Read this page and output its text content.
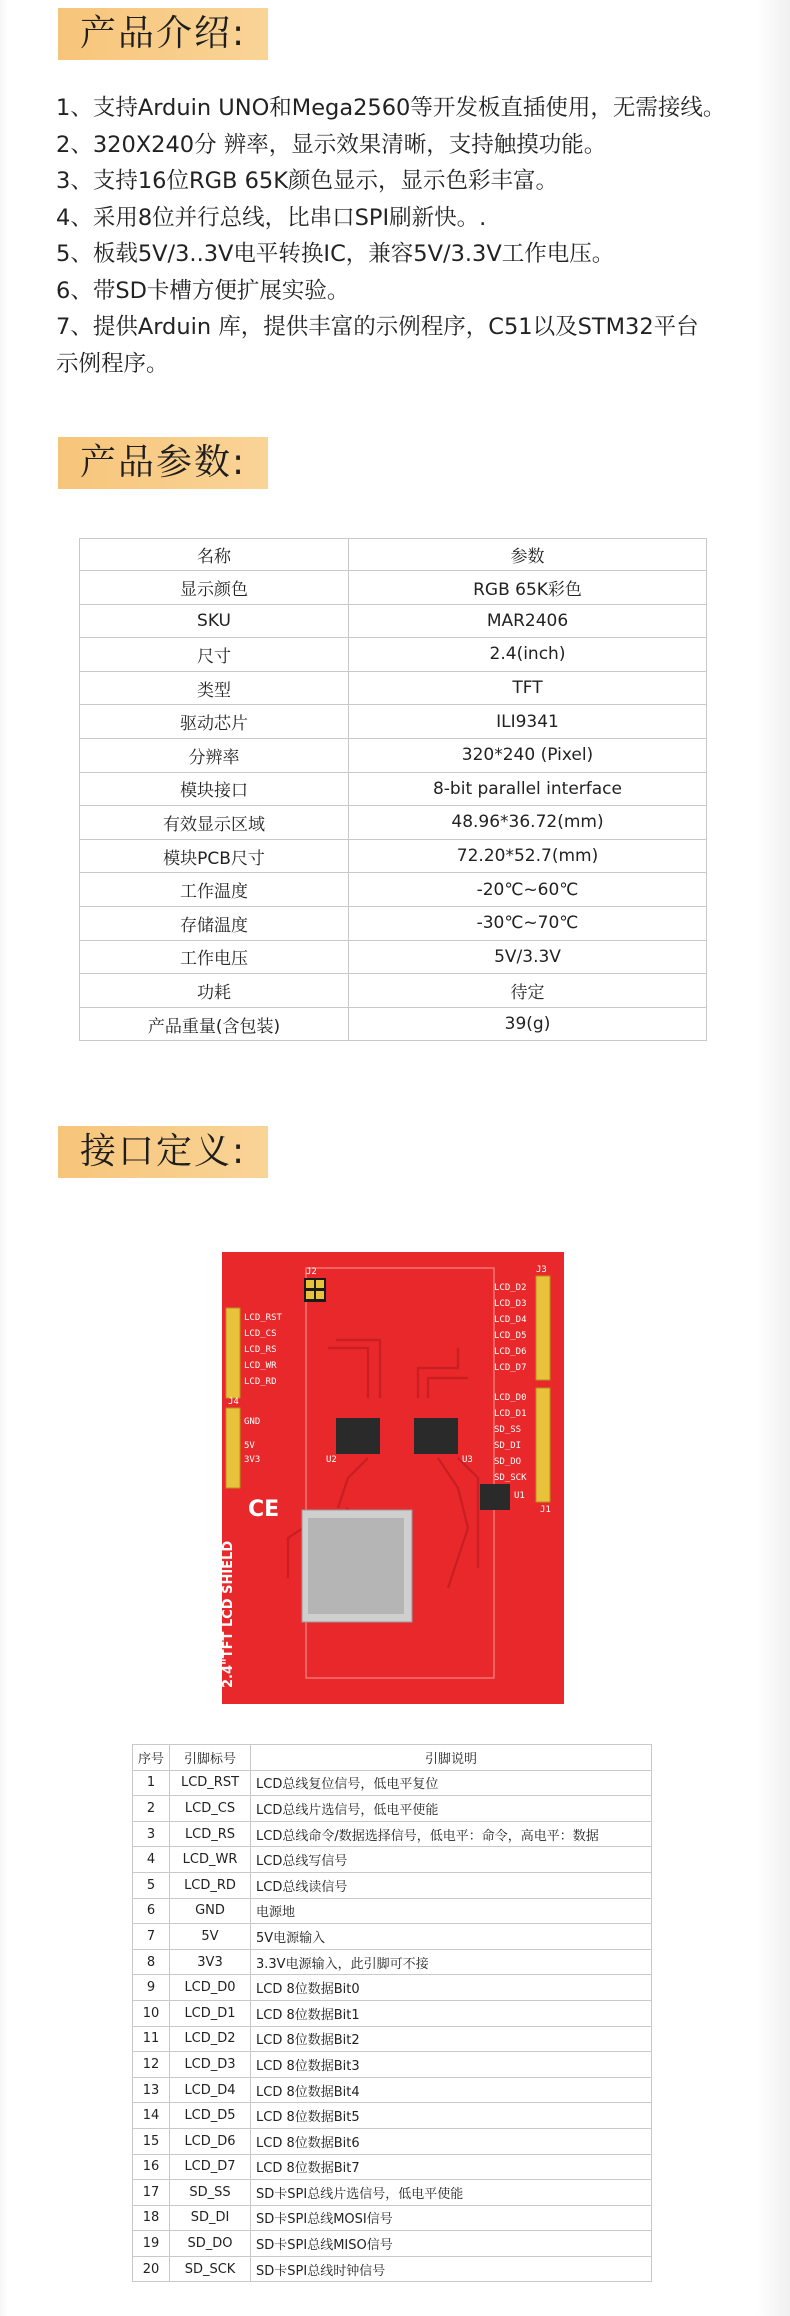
产品介绍:
1、支持Arduin UNO和Mega2560等开发板直插使用，无需接线。
2、320X240分 辨率，显示效果清晰，支持触摸功能。
3、支持16位RGB 65K颜色显示，显示色彩丰富。
4、采用8位并行总线，比串口SPI刷新快。.
5、板载5V/3..3V电平转换IC，兼容5V/3.3V工作电压。
6、带SD卡槽方便扩展实验。
7、提供Arduin 库，提供丰富的示例程序，C51以及STM32平台
示例程序。
产品参数:
名称	参数
显示颜色	RGB 65K彩色
SKU	MAR2406
尺寸	2.4(inch)
类型	TFT
驱动芯片	ILI9341
分辨率	320*240 (Pixel)
模块接口	8-bit parallel interface
有效显示区域	48.96*36.72(mm)
模块PCB尺寸	72.20*52.7(mm)
工作温度	-20℃~60℃
存储温度	-30℃~70℃
工作电压	5V/3.3V
功耗	待定
产品重量(含包装)	39(g)
接口定义:
LCD_RST
LCD_CS
LCD_RS
LCD_WR
LCD_RD
GND
5V
3V3
LCD_D2
LCD_D3
LCD_D4
LCD_D5
LCD_D6
LCD_D7
LCD_D0
LCD_D1
SD_SS
SD_DI
SD_DO
SD_SCK
J2	J3
J1
J4
U2	U3
U1
CE
2.4"TFT LCD SHIELD
序号	引脚标号	引脚说明
1	LCD_RST	LCD总线复位信号，低电平复位
2	LCD_CS	LCD总线片选信号，低电平使能
3	LCD_RS	LCD总线命令/数据选择信号，低电平：命令，高电平：数据
4	LCD_WR	LCD总线写信号
5	LCD_RD	LCD总线读信号
6	GND	电源地
7	5V	5V电源输入
8	3V3	3.3V电源输入，此引脚可不接
9	LCD_D0	LCD 8位数据Bit0
10	LCD_D1	LCD 8位数据Bit1
11	LCD_D2	LCD 8位数据Bit2
12	LCD_D3	LCD 8位数据Bit3
13	LCD_D4	LCD 8位数据Bit4
14	LCD_D5	LCD 8位数据Bit5
15	LCD_D6	LCD 8位数据Bit6
16	LCD_D7	LCD 8位数据Bit7
17	SD_SS	SD卡SPI总线片选信号，低电平使能
18	SD_DI	SD卡SPI总线MOSI信号
19	SD_DO	SD卡SPI总线MISO信号
20	SD_SCK	SD卡SPI总线时钟信号
